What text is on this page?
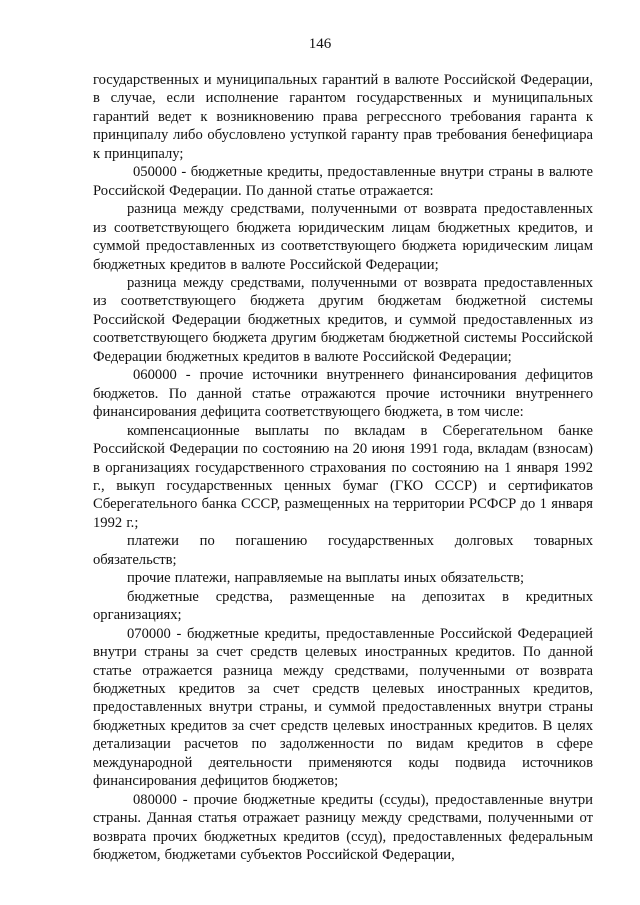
146

государственных и муниципальных гарантий в валюте Российской Федерации, в случае, если исполнение гарантом государственных и муниципальных гарантий ведет к возникновению права регрессного требования гаранта к принципалу либо обусловлено уступкой гаранту прав требования бенефициара к принципалу;

050000 - бюджетные кредиты, предоставленные внутри страны в валюте Российской Федерации. По данной статье отражается:

разница между средствами, полученными от возврата предоставленных из соответствующего бюджета юридическим лицам бюджетных кредитов, и суммой предоставленных из соответствующего бюджета юридическим лицам бюджетных кредитов в валюте Российской Федерации;

разница между средствами, полученными от возврата предоставленных из соответствующего бюджета другим бюджетам бюджетной системы Российской Федерации бюджетных кредитов, и суммой предоставленных из соответствующего бюджета другим бюджетам бюджетной системы Российской Федерации бюджетных кредитов в валюте Российской Федерации;

060000 - прочие источники внутреннего финансирования дефицитов бюджетов. По данной статье отражаются прочие источники внутреннего финансирования дефицита соответствующего бюджета, в том числе:

компенсационные выплаты по вкладам в Сберегательном банке Российской Федерации по состоянию на 20 июня 1991 года, вкладам (взносам) в организациях государственного страхования по состоянию на 1 января 1992 г., выкуп государственных ценных бумаг (ГКО СССР) и сертификатов Сберегательного банка СССР, размещенных на территории РСФСР до 1 января 1992 г.;

платежи по погашению государственных долговых товарных обязательств;

прочие платежи, направляемые на выплаты иных обязательств;

бюджетные средства, размещенные на депозитах в кредитных организациях;

070000 - бюджетные кредиты, предоставленные Российской Федерацией внутри страны за счет средств целевых иностранных кредитов. По данной статье отражается разница между средствами, полученными от возврата бюджетных кредитов за счет средств целевых иностранных кредитов, предоставленных внутри страны, и суммой предоставленных внутри страны бюджетных кредитов за счет средств целевых иностранных кредитов. В целях детализации расчетов по задолженности по видам кредитов в сфере международной деятельности применяются коды подвида источников финансирования дефицитов бюджетов;

080000 - прочие бюджетные кредиты (ссуды), предоставленные внутри страны. Данная статья отражает разницу между средствами, полученными от возврата прочих бюджетных кредитов (ссуд), предоставленных федеральным бюджетом, бюджетами субъектов Российской Федерации,
